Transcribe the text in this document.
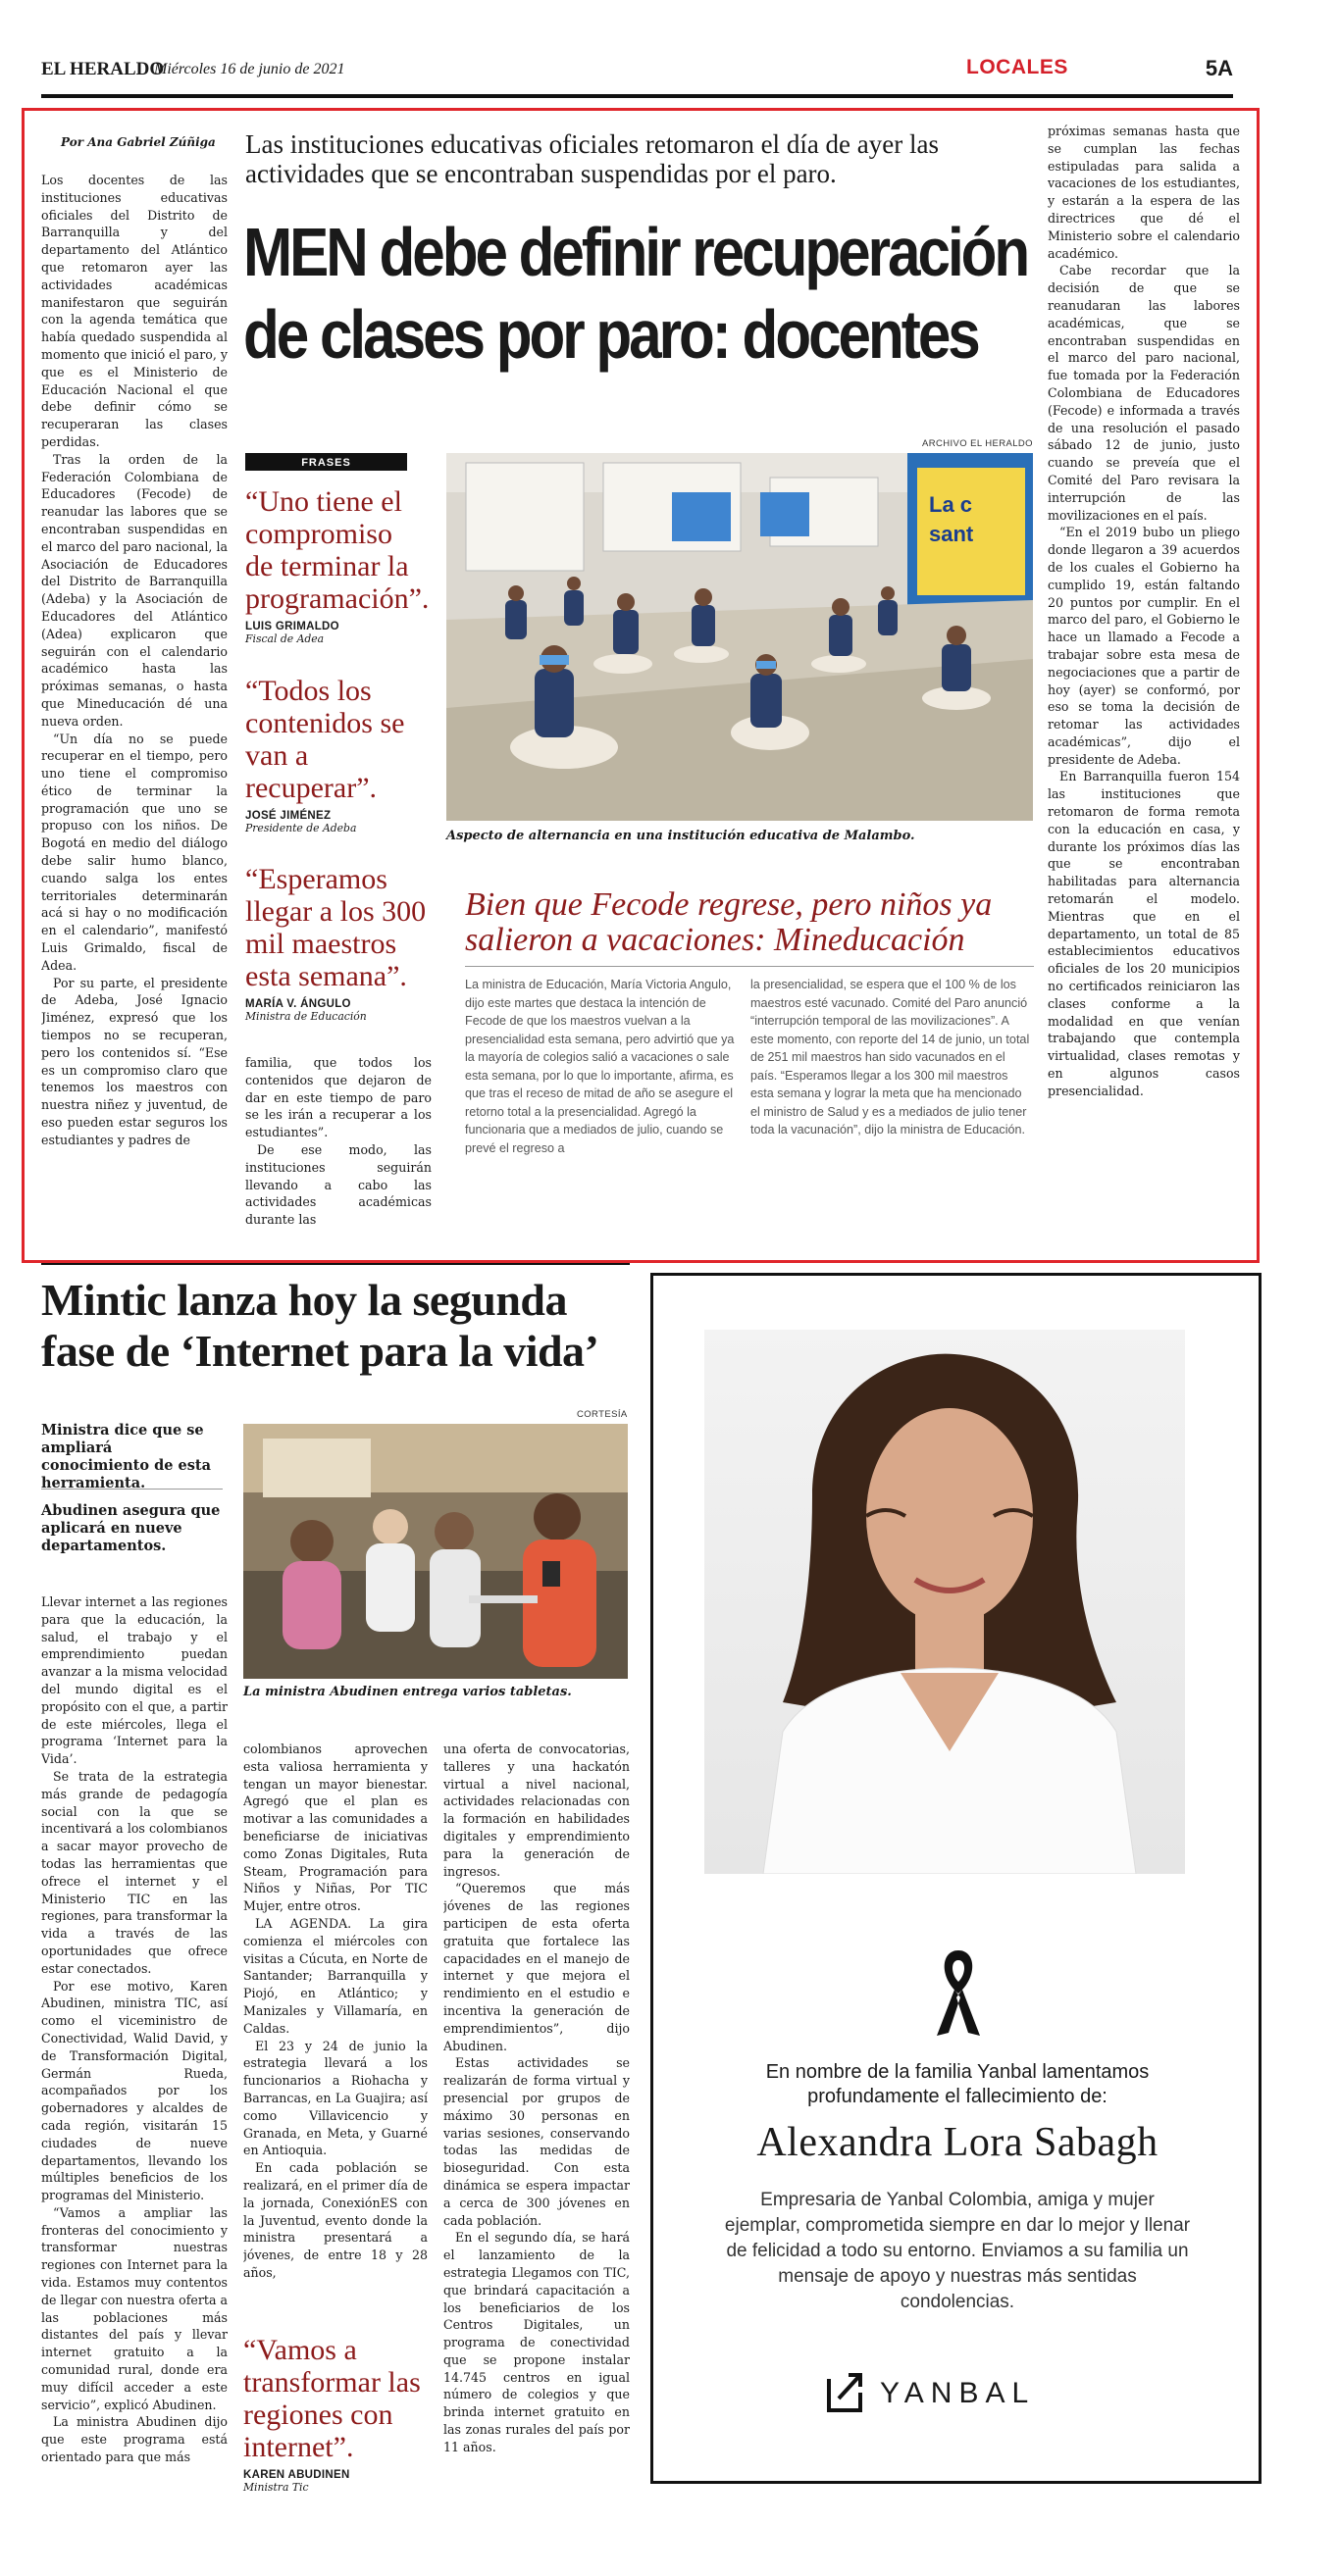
EL HERALDO
Miércoles 16 de junio de 2021	LOCALES	5A
Por Ana Gabriel Zúñiga

Los docentes de las instituciones educativas oficiales del Distrito de Barranquilla y del departamento del Atlántico que retomaron ayer las actividades académicas manifestaron que seguirán con la agenda temática que había quedado suspendida al momento que inició el paro, y que es el Ministerio de Educación Nacional el que debe definir cómo se recuperaran las clases perdidas.

Tras la orden de la Federación Colombiana de Educadores (Fecode) de reanudar las labores que se encontraban suspendidas en el marco del paro nacional, la Asociación de Educadores del Distrito de Barranquilla (Adeba) y la Asociación de Educadores del Atlántico (Adea) explicaron que seguirán con el calendario académico hasta las próximas semanas, o hasta que Mineducación dé una nueva orden.

“Un día no se puede recuperar en el tiempo, pero uno tiene el compromiso ético de terminar la programación que uno se propuso con los niños. De Bogotá en medio del diálogo debe salir humo blanco, cuando salga los entes territoriales determinarán acá si hay o no modificación en el calendario”, manifestó Luis Grimaldo, fiscal de Adea.

Por su parte, el presidente de Adeba, José Ignacio Jiménez, expresó que los tiempos no se recuperan, pero los contenidos sí. “Ese es un compromiso claro que tenemos los maestros con nuestra niñez y juventud, de eso pueden estar seguros los estudiantes y padres de

Las instituciones educativas oficiales retomaron el día de ayer las actividades que se encontraban suspendidas por el paro.
MEN debe definir recuperación
de clases por paro: docentes
FRASES
“Uno tiene el compromiso de terminar la programación”.
LUIS GRIMALDO
Fiscal de Adea
“Todos los contenidos se van a recuperar”.
JOSÉ JIMÉNEZ
Presidente de Adeba
“Esperamos llegar a los 300 mil maestros esta semana”.
MARÍA V. ÁNGULO
Ministra de Educación

familia, que todos los contenidos que dejaron de dar en este tiempo de paro se les irán a recuperar a los estudiantes”.

De ese modo, las instituciones seguirán llevando a cabo las actividades académicas durante las

ARCHIVO EL HERALDO
La c
sant
Aspecto de alternancia en una institución educativa de Malambo.
Bien que Fecode regrese, pero niños ya
salieron a vacaciones: Mineducación

La ministra de Educación, María Victoria Angulo, dijo este martes que destaca la intención de Fecode de que los maestros vuelvan a la presencialidad esta semana, pero advirtió que ya la mayoría de colegios salió a vacaciones o sale esta semana, por lo que lo importante, afirma, es que tras el receso de mitad de año se asegure el retorno total a la presencialidad. Agregó la funcionaria que a mediados de julio, cuando se prevé el regreso a

la presencialidad, se espera que el 100 % de los maestros esté vacunado. Comité del Paro anunció “interrupción temporal de las movilizaciones”. A este momento, con reporte del 14 de junio, un total de 251 mil maestros han sido vacunados en el país. “Esperamos llegar a los 300 mil maestros esta semana y lograr la meta que ha mencionado el ministro de Salud y es a mediados de julio tener toda la vacunación”, dijo la ministra de Educación.

próximas semanas hasta que se cumplan las fechas estipuladas para salida a vacaciones de los estudiantes, y estarán a la espera de las directrices que dé el Ministerio sobre el calendario académico.

Cabe recordar que la decisión de que se reanudaran las labores académicas, que se encontraban suspendidas en el marco del paro nacional, fue tomada por la Federación Colombiana de Educadores (Fecode) e informada a través de una resolución el pasado sábado 12 de junio, justo cuando se preveía que el Comité del Paro revisara la interrupción de las movilizaciones en el país.

“En el 2019 bubo un pliego donde llegaron a 39 acuerdos de los cuales el Gobierno ha cumplido 19, están faltando 20 puntos por cumplir. En el marco del paro, el Gobierno le hace un llamado a Fecode a trabajar sobre esta mesa de negociaciones que a partir de hoy (ayer) se conformó, por eso se toma la decisión de retomar las actividades académicas”, dijo el presidente de Adeba.

En Barranquilla fueron 154 las instituciones que retomaron de forma remota con la educación en casa, y durante los próximos días las que se encontraban habilitadas para alternancia retomarán el modelo. Mientras que en el departamento, un total de 85 establecimientos educativos oficiales de los 20 municipios no certificados reiniciaron las clases conforme a la modalidad en que venían trabajando que contempla virtualidad, clases remotas y en algunos casos presencialidad.

Mintic lanza hoy la segunda
fase de ‘Internet para la vida’
Ministra dice que se ampliará conocimiento de esta herramienta.
Abudinen asegura que aplicará en nueve departamentos.
CORTESÍA
La ministra Abudinen entrega varios tabletas.

Llevar internet a las regiones para que la educación, la salud, el trabajo y el emprendimiento puedan avanzar a la misma velocidad del mundo digital es el propósito con el que, a partir de este miércoles, llega el programa ‘Internet para la Vida’.

Se trata de la estrategia más grande de pedagogía social con la que se incentivará a los colombianos a sacar mayor provecho de todas las herramientas que ofrece el internet y el Ministerio TIC en las regiones, para transformar la vida a través de las oportunidades que ofrece estar conectados.

Por ese motivo, Karen Abudinen, ministra TIC, así como el viceministro de Conectividad, Walid David, y de Transformación Digital, Germán Rueda, acompañados por los gobernadores y alcaldes de cada región, visitarán 15 ciudades de nueve departamentos, llevando los múltiples beneficios de los programas del Ministerio.

“Vamos a ampliar las fronteras del conocimiento y transformar nuestras regiones con Internet para la vida. Estamos muy contentos de llegar con nuestra oferta a las poblaciones más distantes del país y llevar internet gratuito a la comunidad rural, donde era muy difícil acceder a este servicio”, explicó Abudinen.

La ministra Abudinen dijo que este programa está orientado para que más

colombianos aprovechen esta valiosa herramienta y tengan un mayor bienestar. Agregó que el plan es motivar a las comunidades a beneficiarse de iniciativas como Zonas Digitales, Ruta Steam, Programación para Niños y Niñas, Por TIC Mujer, entre otros.

LA AGENDA. La gira comienza el miércoles con visitas a Cúcuta, en Norte de Santander; Barranquilla y Piojó, en Atlántico; y Manizales y Villamaría, en Caldas.

El 23 y 24 de junio la estrategia llevará a los funcionarios a Riohacha y Barrancas, en La Guajira; así como Villavicencio y Granada, en Meta, y Guarné en Antioquia.

En cada población se realizará, en el primer día de la jornada, ConexiónES con la Juventud, evento donde la ministra presentará a jóvenes, de entre 18 y 28 años,

“Vamos a transformar las regiones con internet”.
KAREN ABUDINEN
Ministra Tic

una oferta de convocatorias, talleres y una hackatón virtual a nivel nacional, actividades relacionadas con la formación en habilidades digitales y emprendimiento para la generación de ingresos.

“Queremos que más jóvenes de las regiones participen de esta oferta gratuita que fortalece las capacidades en el manejo de internet y que mejora el rendimiento en el estudio e incentiva la generación de emprendimientos”, dijo Abudinen.

Estas actividades se realizarán de forma virtual y presencial por grupos de máximo 30 personas en varias sesiones, conservando todas las medidas de bioseguridad. Con esta dinámica se espera impactar a cerca de 300 jóvenes en cada población.

En el segundo día, se hará el lanzamiento de la estrategia Llegamos con TIC, que brindará capacitación a los beneficiarios de los Centros Digitales, un programa de conectividad que se propone instalar 14.745 centros en igual número de colegios y que brinda internet gratuito en las zonas rurales del país por 11 años.

En nombre de la familia Yanbal lamentamos profundamente el fallecimiento de:
Alexandra Lora Sabagh
Empresaria de Yanbal Colombia, amiga y mujer ejemplar, comprometida siempre en dar lo mejor y llenar de felicidad a todo su entorno. Enviamos a su familia un mensaje de apoyo y nuestras más sentidas condolencias.
YANBAL
